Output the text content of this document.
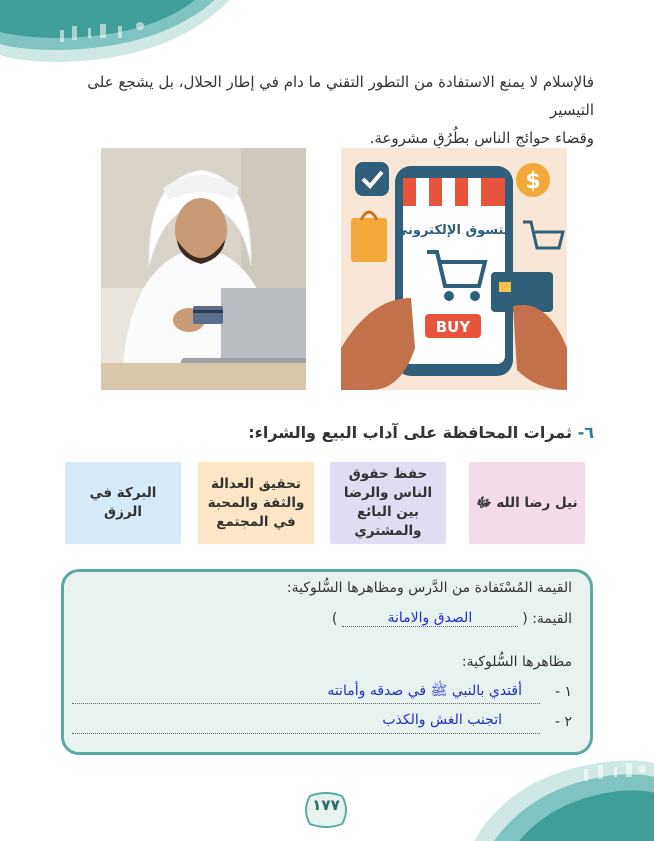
فالإسلام لا يمنع الاستفادة من التطور التقني ما دام في إطار الحلال، بل يشجع على التيسير
وقضاء حوائج الناس بطُرُقٍ مشروعة.
$
التسوق الإلكتروني
BUY
٦- ثمرات المحافظة على آداب البيع والشراء:
نيل رضا الله ﷻ
حفظ حقوق الناس والرضا بين البائع والمشتري
تحقيق العدالة والثقة والمحبة في المجتمع
البركة في الرزق
القيمة المُسْتَفادة من الدَّرس ومظاهرها السُّلوكية:
القيمة: ( الصدق والامانة )
مظاهرها السُّلوكية:
١ -
أقتدي بالنبي ﷺ في صدقه وأمانته
٢ -
اتجنب الغش والكذب
١٧٧
